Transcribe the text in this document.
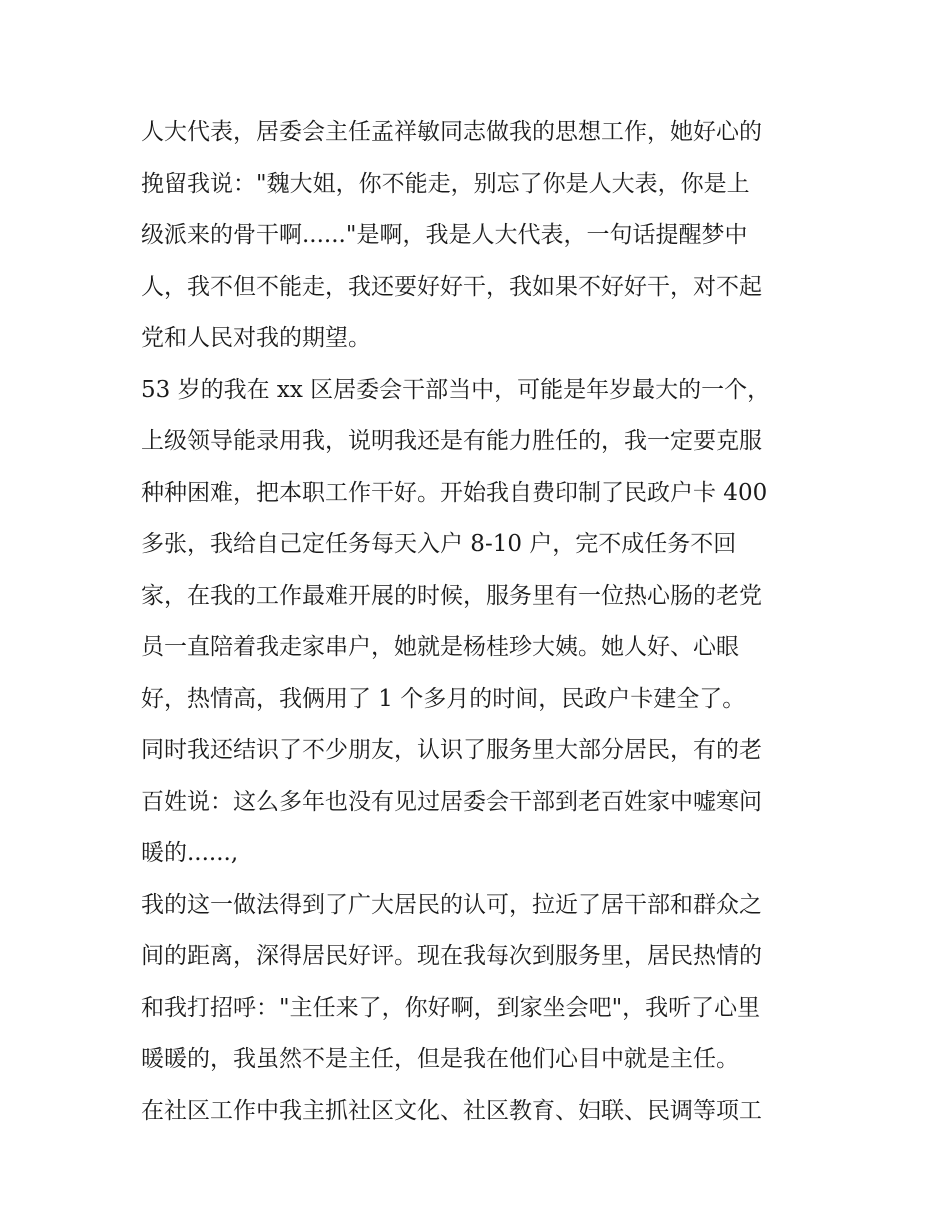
人大代表，居委会主任孟祥敏同志做我的思想工作，她好心的
挽留我说："魏大姐，你不能走，别忘了你是人大表，你是上
级派来的骨干啊......"是啊，我是人大代表，一句话提醒梦中
人，我不但不能走，我还要好好干，我如果不好好干，对不起
党和人民对我的期望。
53 岁的我在 xx 区居委会干部当中，可能是年岁最大的一个，
上级领导能录用我，说明我还是有能力胜任的，我一定要克服
种种困难，把本职工作干好。开始我自费印制了民政户卡 400
多张，我给自己定任务每天入户 8-10 户，完不成任务不回
家，在我的工作最难开展的时候，服务里有一位热心肠的老党
员一直陪着我走家串户，她就是杨桂珍大姨。她人好、心眼
好，热情高，我俩用了 1 个多月的时间，民政户卡建全了。
同时我还结识了不少朋友，认识了服务里大部分居民，有的老
百姓说：这么多年也没有见过居委会干部到老百姓家中嘘寒问
暖的......,
我的这一做法得到了广大居民的认可，拉近了居干部和群众之
间的距离，深得居民好评。现在我每次到服务里，居民热情的
和我打招呼："主任来了，你好啊，到家坐会吧"，我听了心里
暖暖的，我虽然不是主任，但是我在他们心目中就是主任。
在社区工作中我主抓社区文化、社区教育、妇联、民调等项工
